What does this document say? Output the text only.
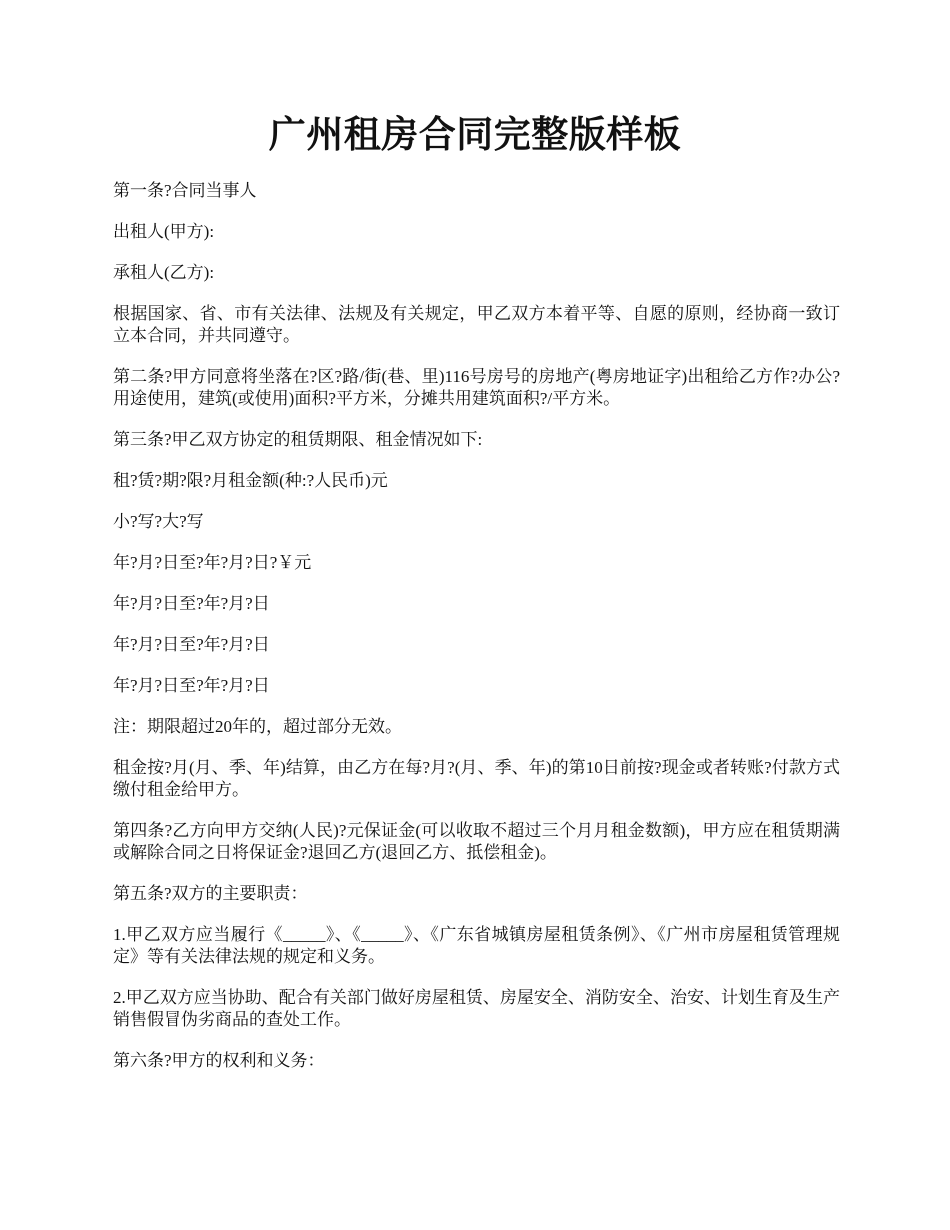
广州租房合同完整版样板

第一条?合同当事人

出租人(甲方):

承租人(乙方):

根据国家、省、市有关法律、法规及有关规定，甲乙双方本着平等、自愿的原则，经协商一致订立本合同，并共同遵守。

第二条?甲方同意将坐落在?区?路/街(巷、里)116号房号的房地产(粤房地证字)出租给乙方作?办公?用途使用，建筑(或使用)面积?平方米，分摊共用建筑面积?/平方米。

第三条?甲乙双方协定的租赁期限、租金情况如下:

租?赁?期?限?月租金额(种:?人民币)元

小?写?大?写

年?月?日至?年?月?日?￥元

年?月?日至?年?月?日

年?月?日至?年?月?日

年?月?日至?年?月?日

注：期限超过20年的，超过部分无效。

租金按?月(月、季、年)结算，由乙方在每?月?(月、季、年)的第10日前按?现金或者转账?付款方式缴付租金给甲方。

第四条?乙方向甲方交纳(人民)?元保证金(可以收取不超过三个月月租金数额)，甲方应在租赁期满或解除合同之日将保证金?退回乙方(退回乙方、抵偿租金)。

第五条?双方的主要职责：

1.甲乙双方应当履行《_____》、《_____》、《广东省城镇房屋租赁条例》、《广州市房屋租赁管理规定》等有关法律法规的规定和义务。

2.甲乙双方应当协助、配合有关部门做好房屋租赁、房屋安全、消防安全、治安、计划生育及生产销售假冒伪劣商品的查处工作。

第六条?甲方的权利和义务：
